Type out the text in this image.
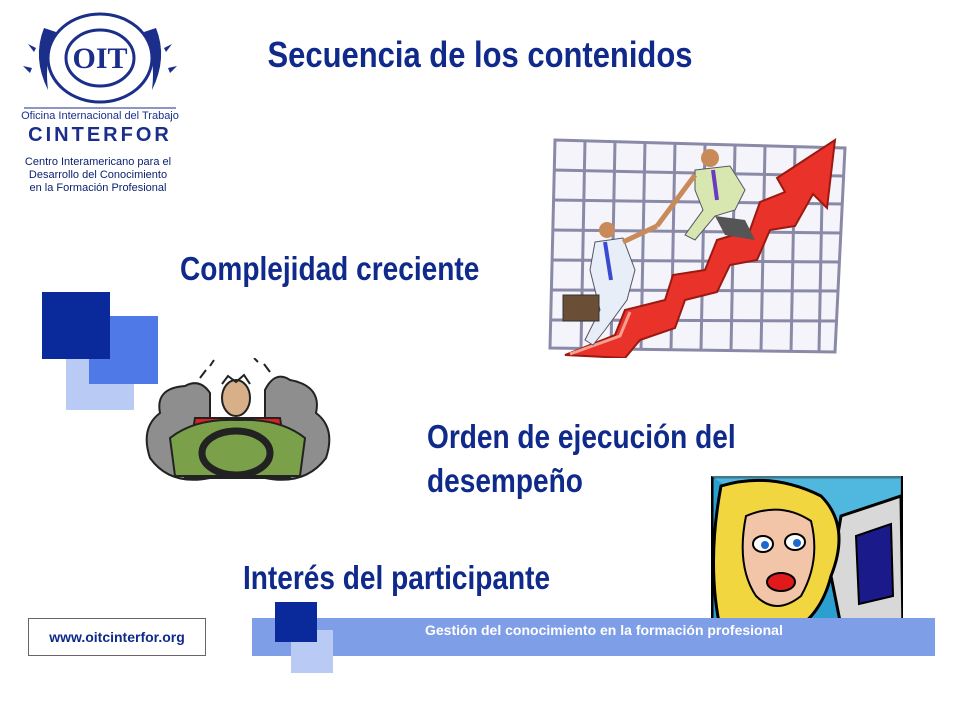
OIT
Oficina Internacional del Trabajo
CINTERFOR
Centro Interamericano para el
Desarrollo del Conocimiento
en la Formación Profesional
Secuencia de los contenidos
Complejidad creciente
Orden de ejecución del
desempeño
Interés del participante
Gestión del conocimiento en la formación profesional
www.oitcinterfor.org
